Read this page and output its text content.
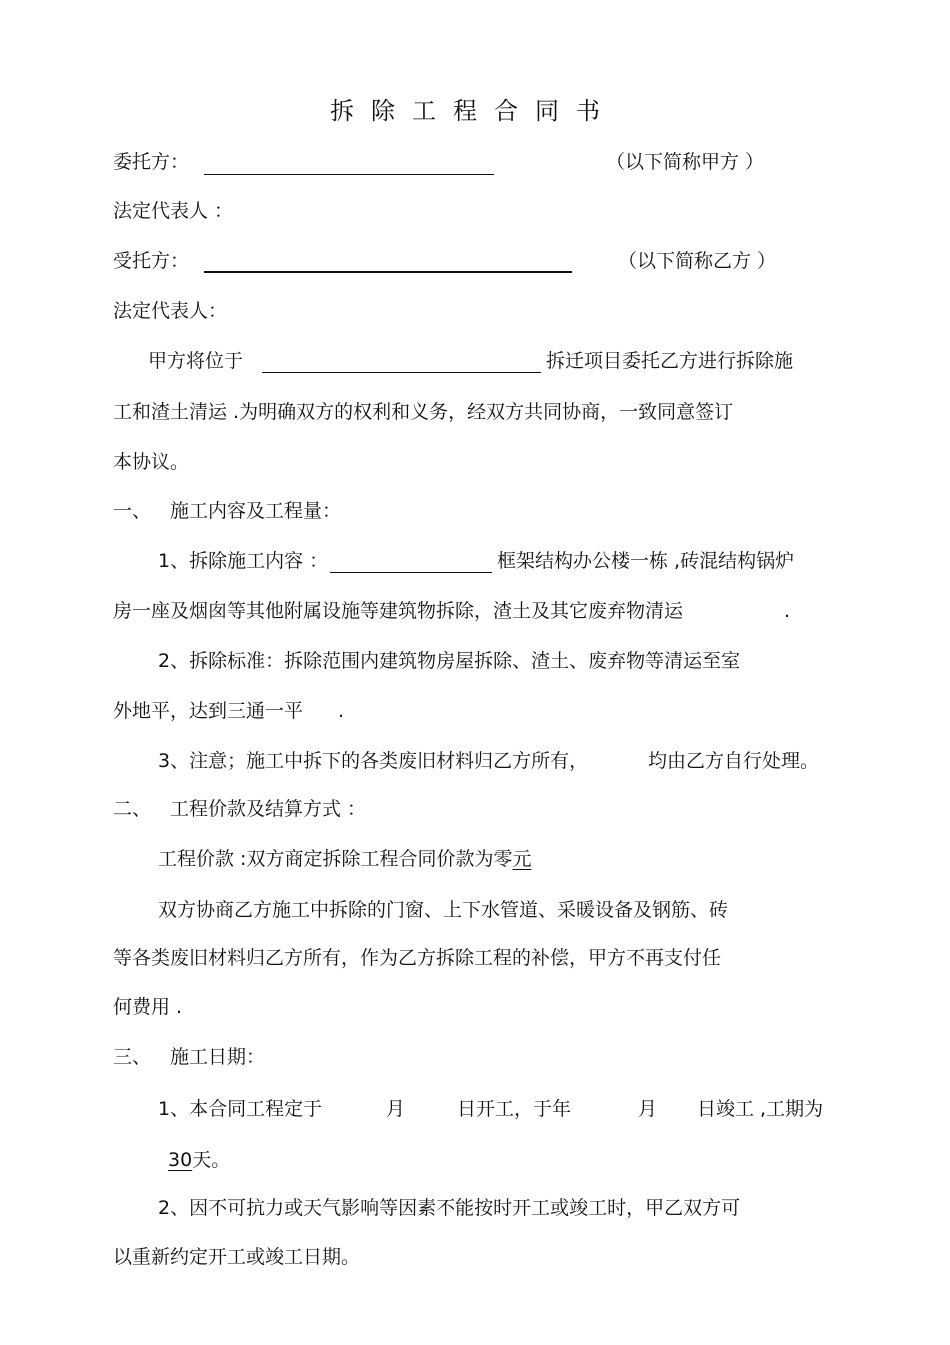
拆除工程合同书
委托方：	（以下简称甲方 ）
法定代表人 ：
受托方：	（以下简称乙方 ）
法定代表人：
甲方将位于	拆迁项目委托乙方进行拆除施
工和渣土清运 .为明确双方的权利和义务，经双方共同协商，一致同意签订
本协议。
一、 施工内容及工程量：
1、拆除施工内容 ：	框架结构办公楼一栋 ,砖混结构锅炉
房一座及烟囱等其他附属设施等建筑物拆除，渣土及其它废弃物清运	.
2、拆除标准：拆除范围内建筑物房屋拆除、渣土、废弃物等清运至室
外地平，达到三通一平 .
3、注意；施工中拆下的各类废旧材料归乙方所有，	均由乙方自行处理。
二、 工程价款及结算方式 ：
工程价款 :双方商定拆除工程合同价款为零元
双方协商乙方施工中拆除的门窗、上下水管道、采暖设备及钢筋、砖
等各类废旧材料归乙方所有，作为乙方拆除工程的补偿，甲方不再支付任
何费用 .
三、 施工日期：
1、本合同工程定于	月	日开工，于年	月 日竣工 ,工期为
30天。
2、因不可抗力或天气影响等因素不能按时开工或竣工时，甲乙双方可
以重新约定开工或竣工日期。
